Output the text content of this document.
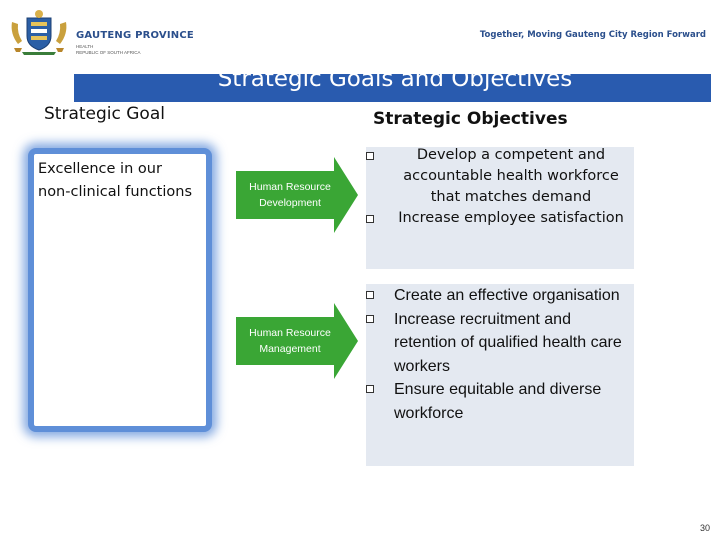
GAUTENG PROVINCE
HEALTH
REPUBLIC OF SOUTH AFRICA
Together, Moving Gauteng City Region Forward
Strategic Goals and Objectives
Strategic Goal	Strategic Objectives
Excellence in our non-clinical functions	Human Resource Development
Human Resource Management
Develop a competent and accountable health workforce that matches demand
Increase employee satisfaction
Create an effective organisation
Increase recruitment and retention of qualified health care workers
Ensure equitable and diverse workforce
30
